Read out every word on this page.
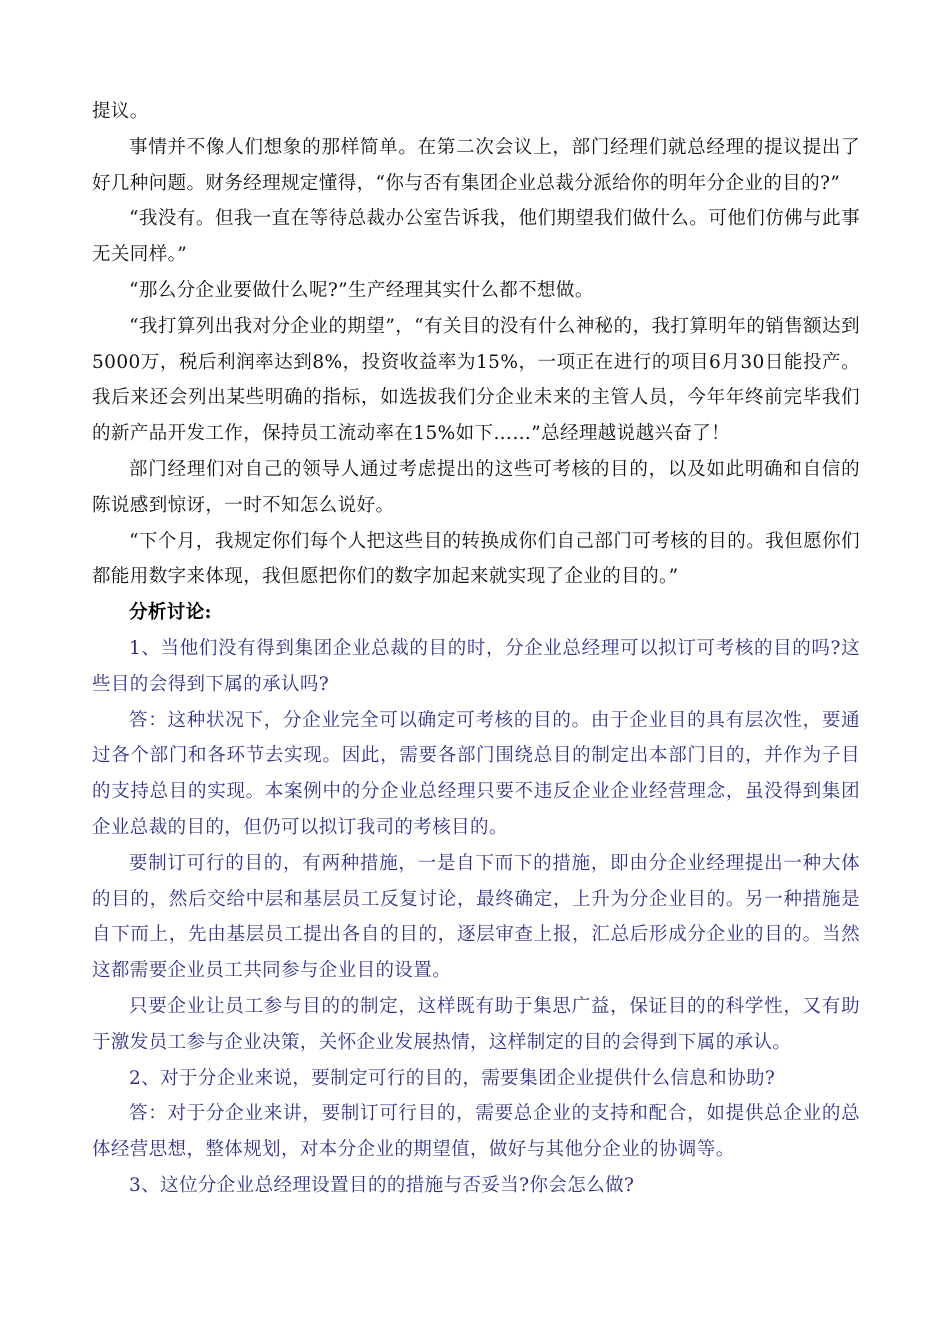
提议。

事情并不像人们想象的那样简单。在第二次会议上，部门经理们就总经理的提议提出了好几种问题。财务经理规定懂得，“你与否有集团企业总裁分派给你的明年分企业的目的?”

“我没有。但我一直在等待总裁办公室告诉我，他们期望我们做什么。可他们仿佛与此事无关同样。”

“那么分企业要做什么呢?”生产经理其实什么都不想做。

“我打算列出我对分企业的期望”，“有关目的没有什么神秘的，我打算明年的销售额达到5000万，税后利润率达到8%，投资收益率为15%，一项正在进行的项目6月30日能投产。我后来还会列出某些明确的指标，如选拔我们分企业未来的主管人员，今年年终前完毕我们的新产品开发工作，保持员工流动率在15%如下……”总经理越说越兴奋了！

部门经理们对自己的领导人通过考虑提出的这些可考核的目的，以及如此明确和自信的陈说感到惊讶，一时不知怎么说好。

“下个月，我规定你们每个人把这些目的转换成你们自己部门可考核的目的。我但愿你们都能用数字来体现，我但愿把你们的数字加起来就实现了企业的目的。”

分析讨论:

1、当他们没有得到集团企业总裁的目的时，分企业总经理可以拟订可考核的目的吗?这些目的会得到下属的承认吗?

答：这种状况下，分企业完全可以确定可考核的目的。由于企业目的具有层次性，要通过各个部门和各环节去实现。因此，需要各部门围绕总目的制定出本部门目的，并作为子目的支持总目的实现。本案例中的分企业总经理只要不违反企业企业经营理念，虽没得到集团企业总裁的目的，但仍可以拟订我司的考核目的。

要制订可行的目的，有两种措施，一是自下而下的措施，即由分企业经理提出一种大体的目的，然后交给中层和基层员工反复讨论，最终确定，上升为分企业目的。另一种措施是自下而上，先由基层员工提出各自的目的，逐层审查上报，汇总后形成分企业的目的。当然这都需要企业员工共同参与企业目的设置。

只要企业让员工参与目的的制定，这样既有助于集思广益，保证目的的科学性，又有助于激发员工参与企业决策，关怀企业发展热情，这样制定的目的会得到下属的承认。

2、对于分企业来说，要制定可行的目的，需要集团企业提供什么信息和协助?

答：对于分企业来讲，要制订可行目的，需要总企业的支持和配合，如提供总企业的总体经营思想，整体规划，对本分企业的期望值，做好与其他分企业的协调等。

3、这位分企业总经理设置目的的措施与否妥当?你会怎么做?
